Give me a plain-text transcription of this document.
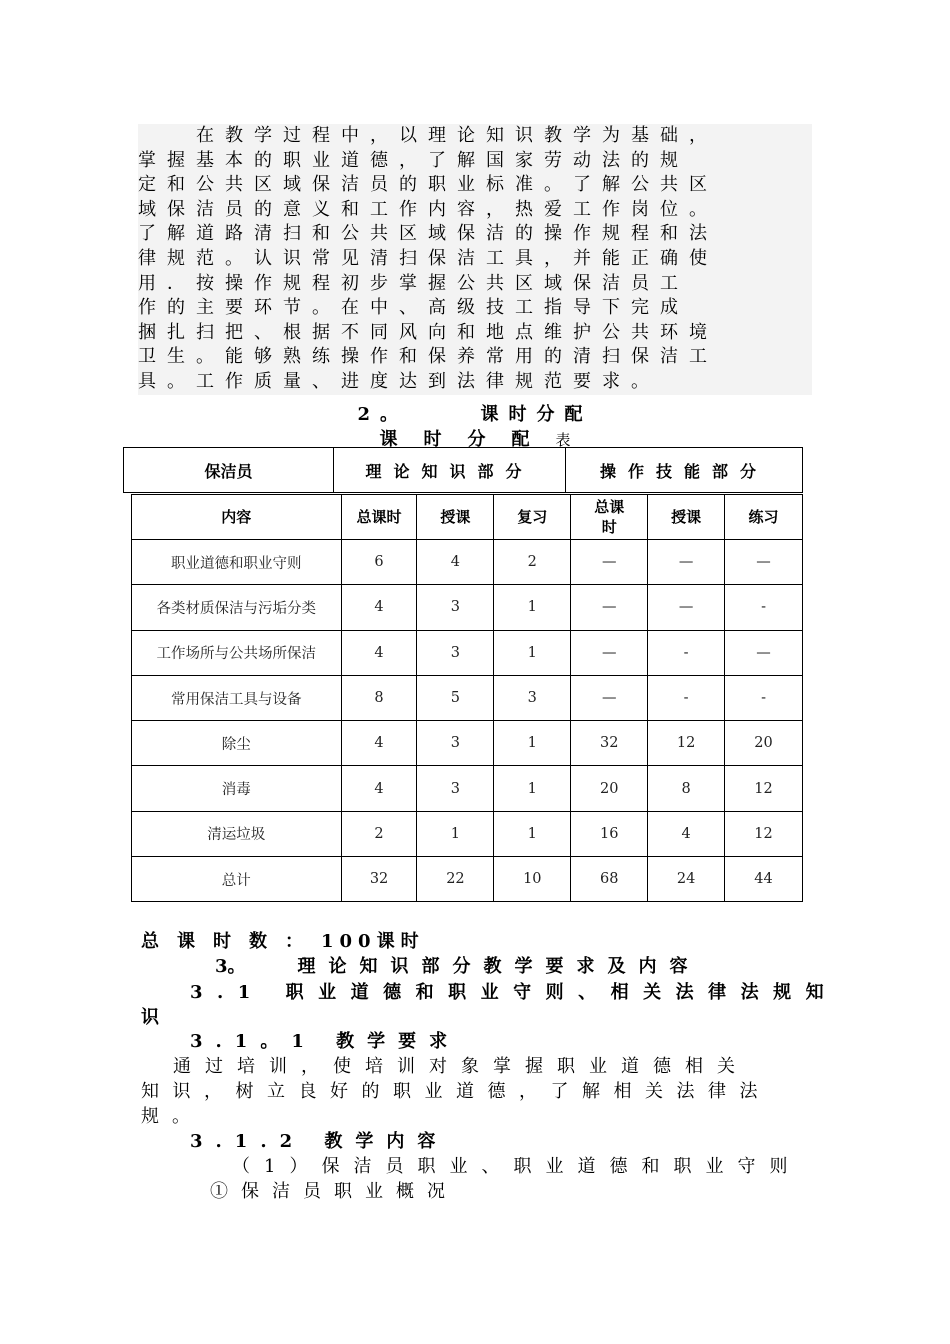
　　在教学过程中，以理论知识教学为基础，
掌握基本的职业道德，了解国家劳动法的规
定和公共区域保洁员的职业标准。了解公共区
域保洁员的意义和工作内容，热爱工作岗位。
了解道路清扫和公共区域保洁的操作规程和法
律规范。认识常见清扫保洁工具，并能正确使
用．按操作规程初步掌握公共区域保洁员工
作的主要环节。在中、高级技工指导下完成
捆扎扫把、根据不同风向和地点维护公共环境
卫生。能够熟练操作和保养常用的清扫保洁工
具。工作质量、进度达到法律规范要求。
2。	课时分配
课时分配表
保洁员	理论知识部分	操作技能部分
内容	总课时	授课	复习	总课时	授课	练习
职业道德和职业守则	6	4	2	—	—	—
各类材质保洁与污垢分类	4	3	1	—	—	-
工作场所与公共场所保洁	4	3	1	—	-	—
常用保洁工具与设备	8	5	3	—	-	-
除尘	4	3	1	32	12	20
消毒	4	3	1	20	8	12
清运垃圾	2	1	1	16	4	12
总计	32	22	10	68	24	44
总课时数：100课时
3。	理论知识部分教学要求及内容
3.1 职业道德和职业守则、相关法律法规知
识
3.1。1 教学要求
　通过培训，使培训对象掌握职业道德相关
知识，树立良好的职业道德，了解相关法律法
规。
3.1.2 教学内容
（1）保洁员职业、职业道德和职业守则
①保洁员职业概况
